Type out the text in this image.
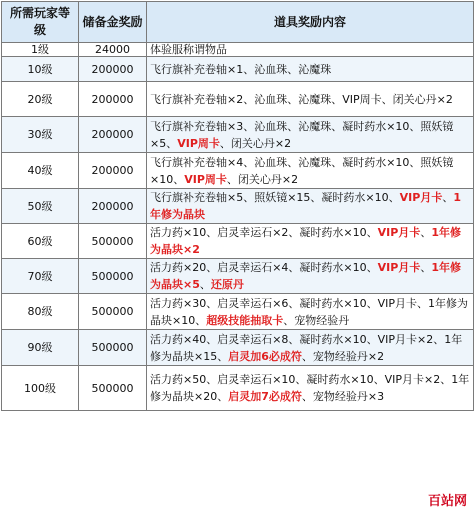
所需玩家等级	储备金奖励	道具奖励内容
1级	24000	体验服称谓物品
10级	200000	飞行旗补充卷轴×1、沁血珠、沁魔珠
20级	200000	飞行旗补充卷轴×2、沁血珠、沁魔珠、VIP周卡、闭关心丹×2
30级	200000	飞行旗补充卷轴×3、沁血珠、沁魔珠、凝时药水×10、照妖镜×5、VIP周卡、闭关心丹×2
40级	200000	飞行旗补充卷轴×4、沁血珠、沁魔珠、凝时药水×10、照妖镜×10、VIP周卡、闭关心丹×2
50级	200000	飞行旗补充卷轴×5、照妖镜×15、凝时药水×10、VIP月卡、1年修为晶块
60级	500000	活力药×10、启灵幸运石×2、凝时药水×10、VIP月卡、1年修为晶块×2
70级	500000	活力药×20、启灵幸运石×4、凝时药水×10、VIP月卡、1年修为晶块×5、还原丹
80级	500000	活力药×30、启灵幸运石×6、凝时药水×10、VIP月卡、1年修为晶块×10、超级技能抽取卡、宠物经验丹
90级	500000	活力药×40、启灵幸运石×8、凝时药水×10、VIP月卡×2、1年修为晶块×15、启灵加6必成符、宠物经验丹×2
100级	500000	活力药×50、启灵幸运石×10、凝时药水×10、VIP月卡×2、1年修为晶块×20、启灵加7必成符、宠物经验丹×3
百站网
